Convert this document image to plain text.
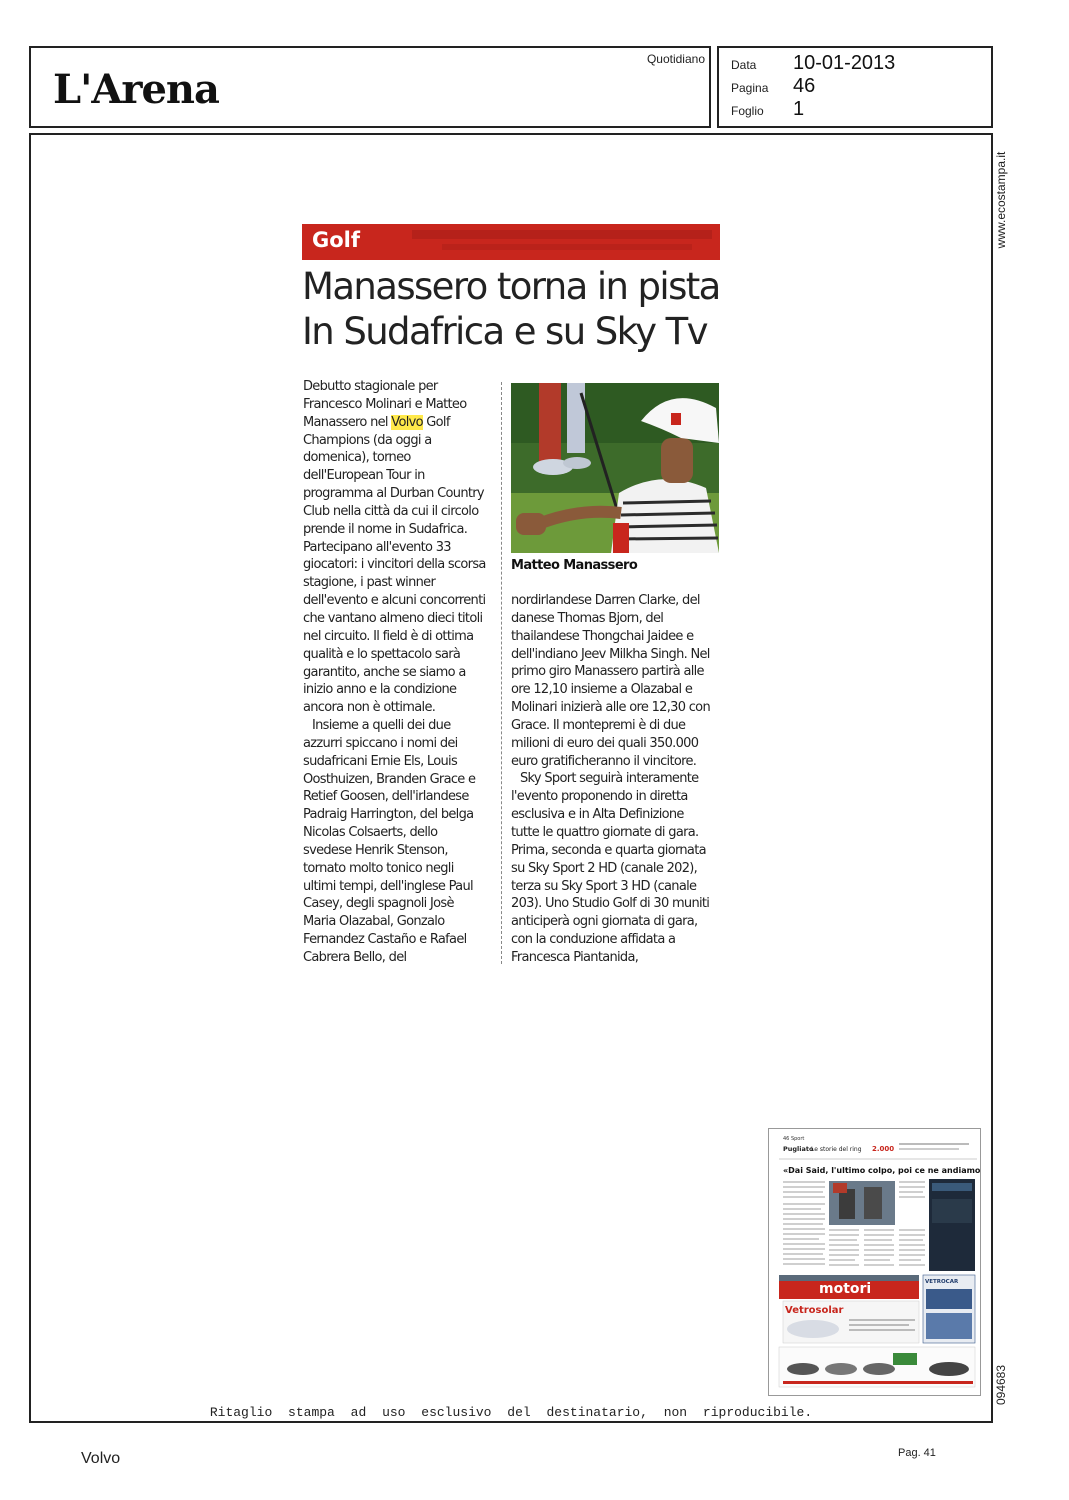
L'Arena
Quotidiano Data 10-01-2013
Pagina 46
Foglio 1
www.ecostampa.it
Golf
Manassero torna in pista
In Sudafrica e su Sky Tv
Debutto stagionale per
Francesco Molinari e Matteo
Manassero nel Volvo Golf
Champions (da oggi a
domenica), torneo
dell'European Tour in
programma al Durban Country
Club nella città da cui il circolo
prende il nome in Sudafrica.
Partecipano all'evento 33
giocatori: i vincitori della scorsa
stagione, i past winner
dell'evento e alcuni concorrenti
che vantano almeno dieci titoli
nel circuito. Il field è di ottima
qualità e lo spettacolo sarà
garantito, anche se siamo a
inizio anno e la condizione
ancora non è ottimale.
Insieme a quelli dei due
azzurri spiccano i nomi dei
sudafricani Ernie Els, Louis
Oosthuizen, Branden Grace e
Retief Goosen, dell'irlandese
Padraig Harrington, del belga
Nicolas Colsaerts, dello
svedese Henrik Stenson,
tornato molto tonico negli
ultimi tempi, dell'inglese Paul
Casey, degli spagnoli Josè
Maria Olazabal, Gonzalo
Fernandez Castaño e Rafael
Cabrera Bello, del
Matteo Manassero
nordirlandese Darren Clarke, del
danese Thomas Bjorn, del
thailandese Thongchai Jaidee e
dell'indiano Jeev Milkha Singh. Nel
primo giro Manassero partirà alle
ore 12,10 insieme a Olazabal e
Molinari inizierà alle ore 12,30 con
Grace. Il montepremi è di due
milioni di euro dei quali 350.000
euro gratificheranno il vincitore.
Sky Sport seguirà interamente
l'evento proponendo in diretta
esclusiva e in Alta Definizione
tutte le quattro giornate di gara.
Prima, seconda e quarta giornata
su Sky Sport 2 HD (canale 202),
terza su Sky Sport 3 HD (canale
203). Uno Studio Golf di 30 muniti
anticiperà ogni giornata di gara,
con la conduzione affidata a
Francesca Piantanida,
46 Sport
Pugliato
Le storie del ring 2.000
«Dai Said, l'ultimo colpo, poi ce ne andiamo»
motori
Vetrosolar
VETROCAR
094683
Ritaglio stampa ad uso esclusivo del destinatario, non riproducibile.
Volvo	Pag. 41
